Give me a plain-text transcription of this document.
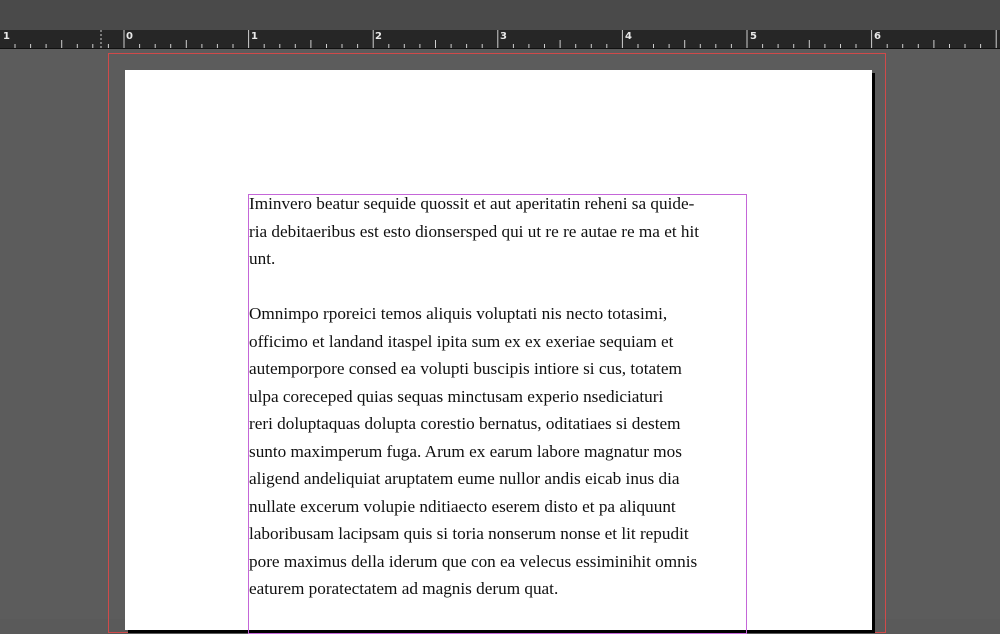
1	0	1	2	3	4	5	6

Iminvero beatur sequide quossit et aut aperitatin reheni sa quide-
ria debitaeribus est esto dionsersped qui ut re re autae re ma et hit
unt.

Omnimpo rporeici temos aliquis voluptati nis necto totasimi,
officimo et landand itaspel ipita sum ex ex exeriae sequiam et
autemporpore consed ea volupti buscipis intiore si cus, totatem
ulpa coreceped quias sequas minctusam experio nsediciaturi
reri doluptaquas dolupta corestio bernatus, oditatiaes si destem
sunto maximperum fuga. Arum ex earum labore magnatur mos
aligend andeliquiat aruptatem eume nullor andis eicab inus dia
nullate excerum volupie nditiaecto eserem disto et pa aliquunt
laboribusam lacipsam quis si toria nonserum nonse et lit repudit
pore maximus della iderum que con ea velecus essiminihit omnis
eaturem poratectatem ad magnis derum quat.
